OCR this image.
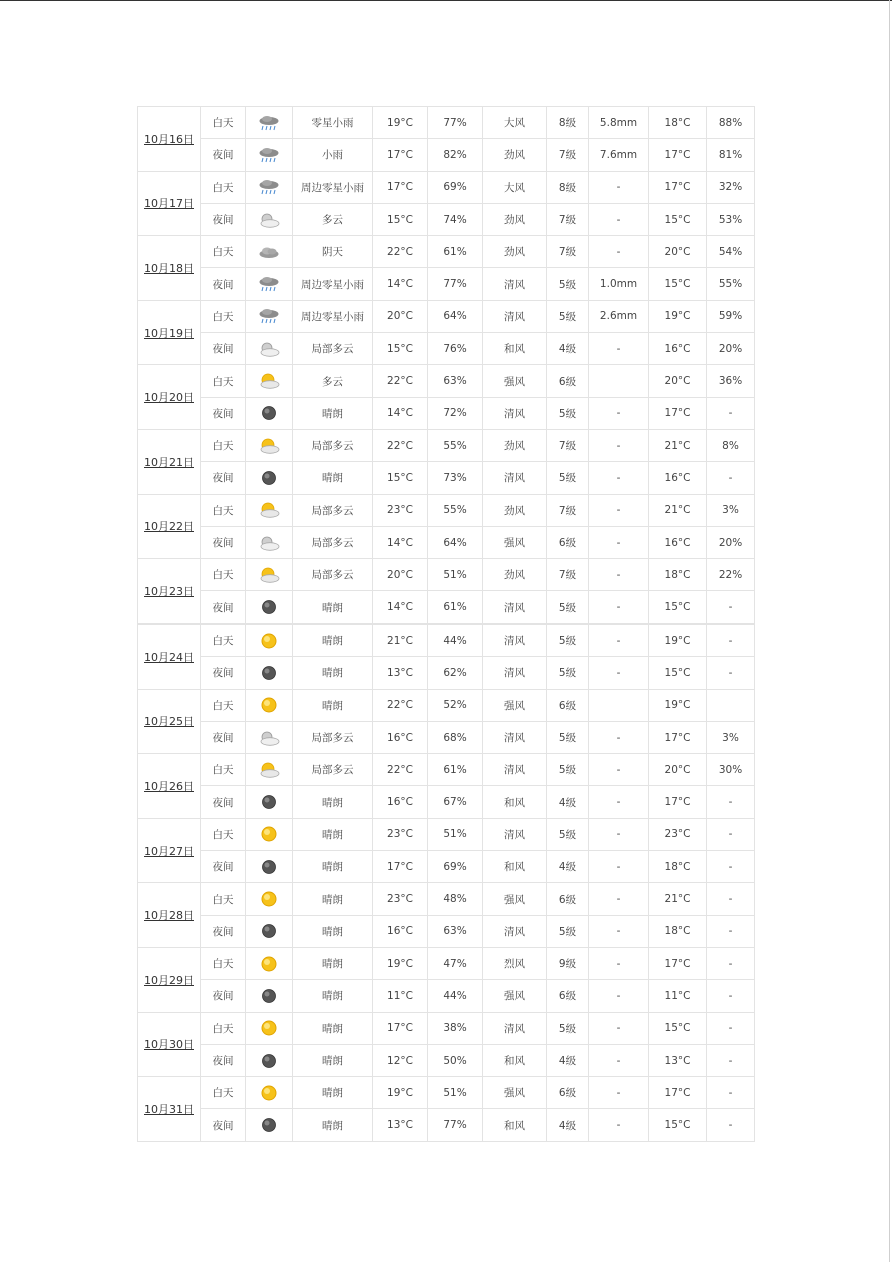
10月16日	白天		零星小雨	19°C	77%	大风	8级	5.8mm	18°C	88%
	夜间		小雨	17°C	82%	劲风	7级	7.6mm	17°C	81%
10月17日	白天		周边零星小雨	17°C	69%	大风	8级	-	17°C	32%
	夜间		多云	15°C	74%	劲风	7级	-	15°C	53%
10月18日	白天		阴天	22°C	61%	劲风	7级	-	20°C	54%
	夜间		周边零星小雨	14°C	77%	清风	5级	1.0mm	15°C	55%
10月19日	白天		周边零星小雨	20°C	64%	清风	5级	2.6mm	19°C	59%
	夜间		局部多云	15°C	76%	和风	4级	-	16°C	20%
10月20日	白天		多云	22°C	63%	强风	6级		20°C	36%
	夜间		晴朗	14°C	72%	清风	5级	-	17°C	-
10月21日	白天		局部多云	22°C	55%	劲风	7级	-	21°C	8%
	夜间		晴朗	15°C	73%	清风	5级	-	16°C	-
10月22日	白天		局部多云	23°C	55%	劲风	7级	-	21°C	3%
	夜间		局部多云	14°C	64%	强风	6级	-	16°C	20%
10月23日	白天		局部多云	20°C	51%	劲风	7级	-	18°C	22%
	夜间		晴朗	14°C	61%	清风	5级	-	15°C	-
10月24日	白天		晴朗	21°C	44%	清风	5级	-	19°C	-
	夜间		晴朗	13°C	62%	清风	5级	-	15°C	-
10月25日	白天		晴朗	22°C	52%	强风	6级		19°C	
	夜间		局部多云	16°C	68%	清风	5级	-	17°C	3%
10月26日	白天		局部多云	22°C	61%	清风	5级	-	20°C	30%
	夜间		晴朗	16°C	67%	和风	4级	-	17°C	-
10月27日	白天		晴朗	23°C	51%	清风	5级	-	23°C	-
	夜间		晴朗	17°C	69%	和风	4级	-	18°C	-
10月28日	白天		晴朗	23°C	48%	强风	6级	-	21°C	-
	夜间		晴朗	16°C	63%	清风	5级	-	18°C	-
10月29日	白天		晴朗	19°C	47%	烈风	9级	-	17°C	-
	夜间		晴朗	11°C	44%	强风	6级	-	11°C	-
10月30日	白天		晴朗	17°C	38%	清风	5级	-	15°C	-
	夜间		晴朗	12°C	50%	和风	4级	-	13°C	-
10月31日	白天		晴朗	19°C	51%	强风	6级	-	17°C	-
	夜间		晴朗	13°C	77%	和风	4级	-	15°C	-
